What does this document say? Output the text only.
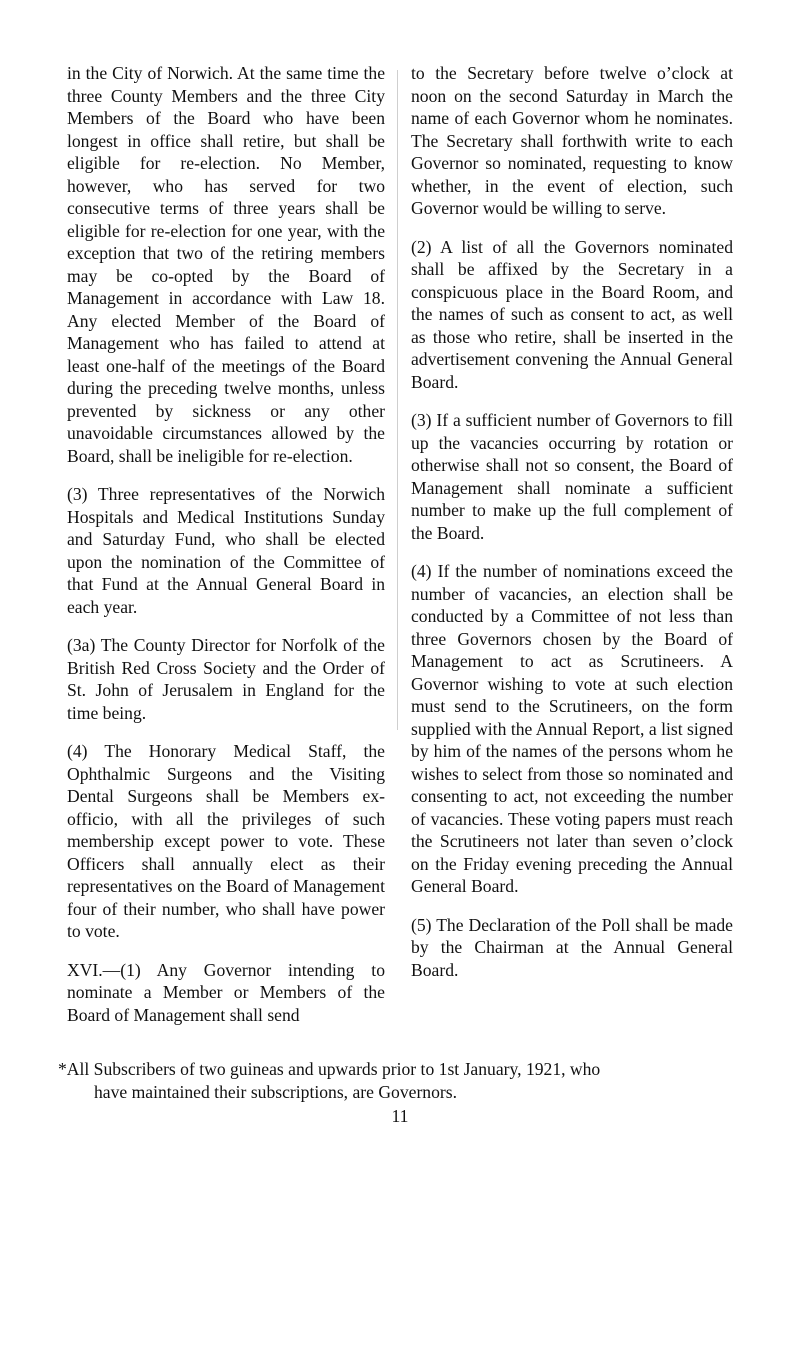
in the City of Norwich. At the same time the three County Members and the three City Members of the Board who have been longest in office shall retire, but shall be eligible for re-election. No Member, however, who has served for two consecutive terms of three years shall be eligible for re-election for one year, with the exception that two of the retiring members may be co-opted by the Board of Management in accordance with Law 18. Any elected Member of the Board of Management who has failed to attend at least one-half of the meetings of the Board during the preceding twelve months, unless prevented by sickness or any other unavoidable circumstances allowed by the Board, shall be ineligible for re-election.

(3) Three representatives of the Norwich Hospitals and Medical Institutions Sunday and Saturday Fund, who shall be elected upon the nomination of the Committee of that Fund at the Annual General Board in each year.

(3a) The County Director for Norfolk of the British Red Cross Society and the Order of St. John of Jerusalem in England for the time being.

(4) The Honorary Medical Staff, the Ophthalmic Surgeons and the Visiting Dental Surgeons shall be Members ex-officio, with all the privileges of such membership except power to vote. These Officers shall annually elect as their representatives on the Board of Management four of their number, who shall have power to vote.

XVI.—(1) Any Governor intending to nominate a Member or Members of the Board of Management shall send

to the Secretary before twelve o’clock at noon on the second Saturday in March the name of each Governor whom he nominates. The Secretary shall forthwith write to each Governor so nominated, requesting to know whether, in the event of election, such Governor would be willing to serve.

(2) A list of all the Governors nominated shall be affixed by the Secretary in a conspicuous place in the Board Room, and the names of such as consent to act, as well as those who retire, shall be inserted in the advertisement convening the Annual General Board.

(3) If a sufficient number of Governors to fill up the vacancies occurring by rotation or otherwise shall not so consent, the Board of Management shall nominate a sufficient number to make up the full complement of the Board.

(4) If the number of nominations exceed the number of vacancies, an election shall be conducted by a Committee of not less than three Governors chosen by the Board of Management to act as Scrutineers. A Governor wishing to vote at such election must send to the Scrutineers, on the form supplied with the Annual Report, a list signed by him of the names of the persons whom he wishes to select from those so nominated and consenting to act, not exceeding the number of vacancies. These voting papers must reach the Scrutineers not later than seven o’clock on the Friday evening preceding the Annual General Board.

(5) The Declaration of the Poll shall be made by the Chairman at the Annual General Board.

*All Subscribers of two guineas and upwards prior to 1st January, 1921, who
have maintained their subscriptions, are Governors.
11
